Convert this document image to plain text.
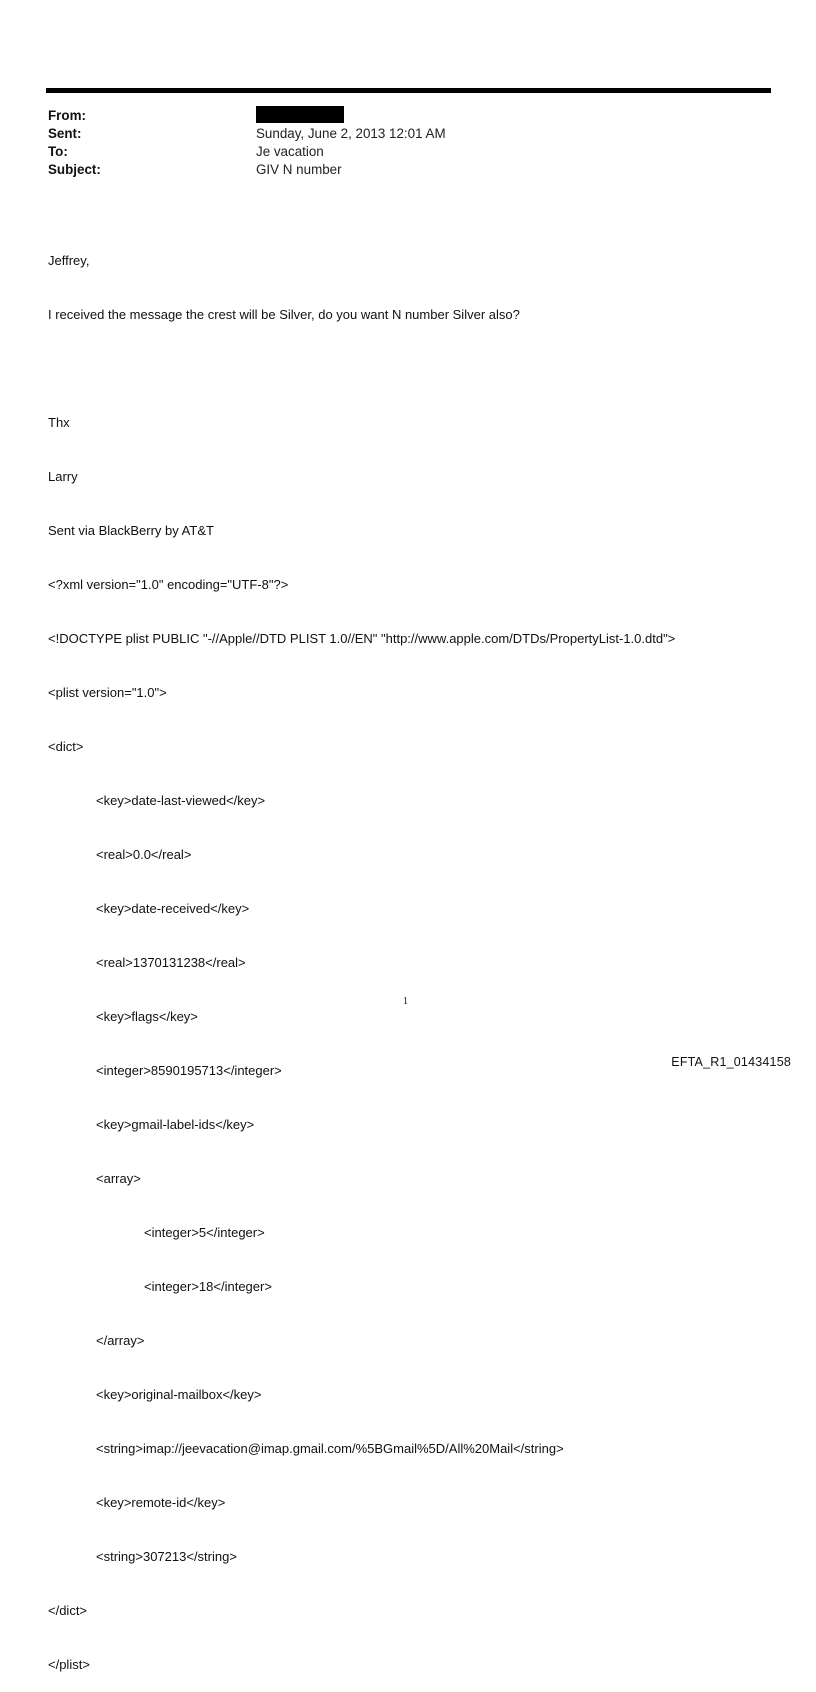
From:
Sent:	Sunday, June 2, 2013 12:01 AM
To:	Je vacation
Subject:	GIV N number

Jeffrey,

I received the message the crest will be Silver, do you want N number Silver also?

Thx

Larry

Sent via BlackBerry by AT&T

<?xml version="1.0" encoding="UTF-8"?>

<!DOCTYPE plist PUBLIC "-//Apple//DTD PLIST 1.0//EN" "http://www.apple.com/DTDs/PropertyList-1.0.dtd">

<plist version="1.0">

<dict>

<key>date-last-viewed</key>

<real>0.0</real>

<key>date-received</key>

<real>1370131238</real>

<key>flags</key>

<integer>8590195713</integer>

<key>gmail-label-ids</key>

<array>

<integer>5</integer>

<integer>18</integer>

</array>

<key>original-mailbox</key>

<string>imap://jeevacation@imap.gmail.com/%5BGmail%5D/All%20Mail</string>

<key>remote-id</key>

<string>307213</string>

</dict>

</plist>

1
EFTA_R1_01434158
